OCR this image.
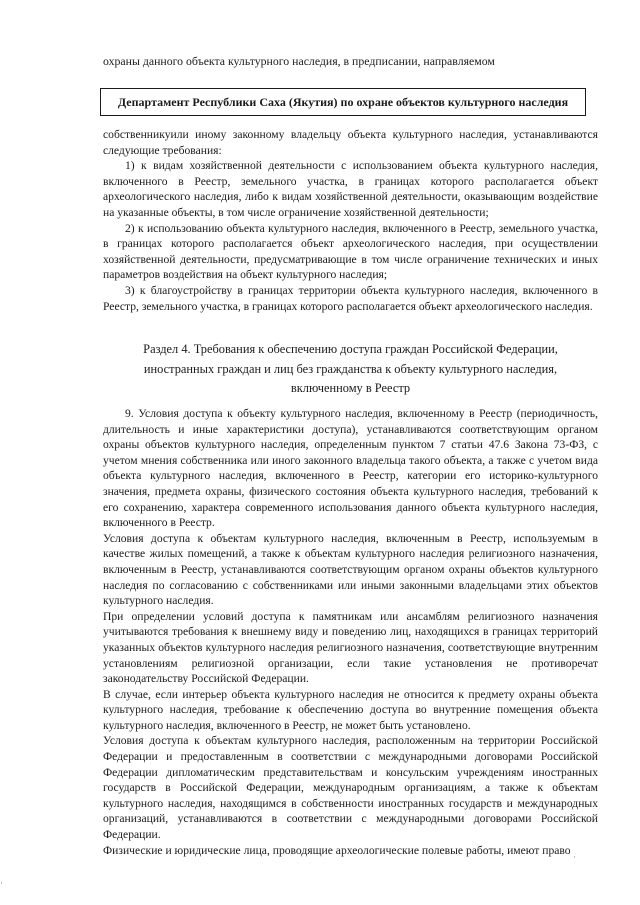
охраны данного объекта культурного наследия, в предписании, направляемом

Департамент Республики Саха (Якутия) по охране объектов культурного наследия
собственникуили иному законному владельцу объекта культурного наследия, устанавливаются следующие требования:
1) к видам хозяйственной деятельности с использованием объекта культурного наследия, включенного в Реестр, земельного участка, в границах которого располагается объект археологического наследия, либо к видам хозяйственной деятельности, оказывающим воздействие на указанные объекты, в том числе ограничение хозяйственной деятельности;
2) к использованию объекта культурного наследия, включенного в Реестр, земельного участка, в границах которого располагается объект археологического наследия, при осуществлении хозяйственной деятельности, предусматривающие в том числе ограничение технических и иных параметров воздействия на объект культурного наследия;
3) к благоустройству в границах территории объекта культурного наследия, включенного в Реестр, земельного участка, в границах которого располагается объект археологического наследия.
Раздел 4. Требования к обеспечению доступа граждан Российской Федерации,
иностранных граждан и лиц без гражданства к объекту культурного наследия,
включенному в Реестр
9. Условия доступа к объекту культурного наследия, включенному в Реестр (периодичность, длительность и иные характеристики доступа), устанавливаются соответствующим органом охраны объектов культурного наследия, определенным пунктом 7 статьи 47.6 Закона 73-ФЗ, с учетом мнения собственника или иного законного владельца такого объекта, а также с учетом вида объекта культурного наследия, включенного в Реестр, категории его историко-культурного значения, предмета охраны, физического состояния объекта культурного наследия, требований к его сохранению, характера современного использования данного объекта культурного наследия, включенного в Реестр.
Условия доступа к объектам культурного наследия, включенным в Реестр, используемым в качестве жилых помещений, а также к объектам культурного наследия религиозного назначения, включенным в Реестр, устанавливаются соответствующим органом охраны объектов культурного наследия по согласованию с собственниками или иными законными владельцами этих объектов культурного наследия.
При определении условий доступа к памятникам или ансамблям религиозного назначения учитываются требования к внешнему виду и поведению лиц, находящихся в границах территорий указанных объектов культурного наследия религиозного назначения, соответствующие внутренним установлениям религиозной организации, если такие установления не противоречат законодательству Российской Федерации.
В случае, если интерьер объекта культурного наследия не относится к предмету охраны объекта культурного наследия, требование к обеспечению доступа во внутренние помещения объекта культурного наследия, включенного в Реестр, не может быть установлено.
Условия доступа к объектам культурного наследия, расположенным на территории Российской Федерации и предоставленным в соответствии с международными договорами Российской Федерации дипломатическим представительствам и консульским учреждениям иностранных государств в Российской Федерации, международным организациям, а также к объектам культурного наследия, находящимся в собственности иностранных государств и международных организаций, устанавливаются в соответствии с международными договорами Российской Федерации.
Физические и юридические лица, проводящие археологические полевые работы, имеют право
·
·
